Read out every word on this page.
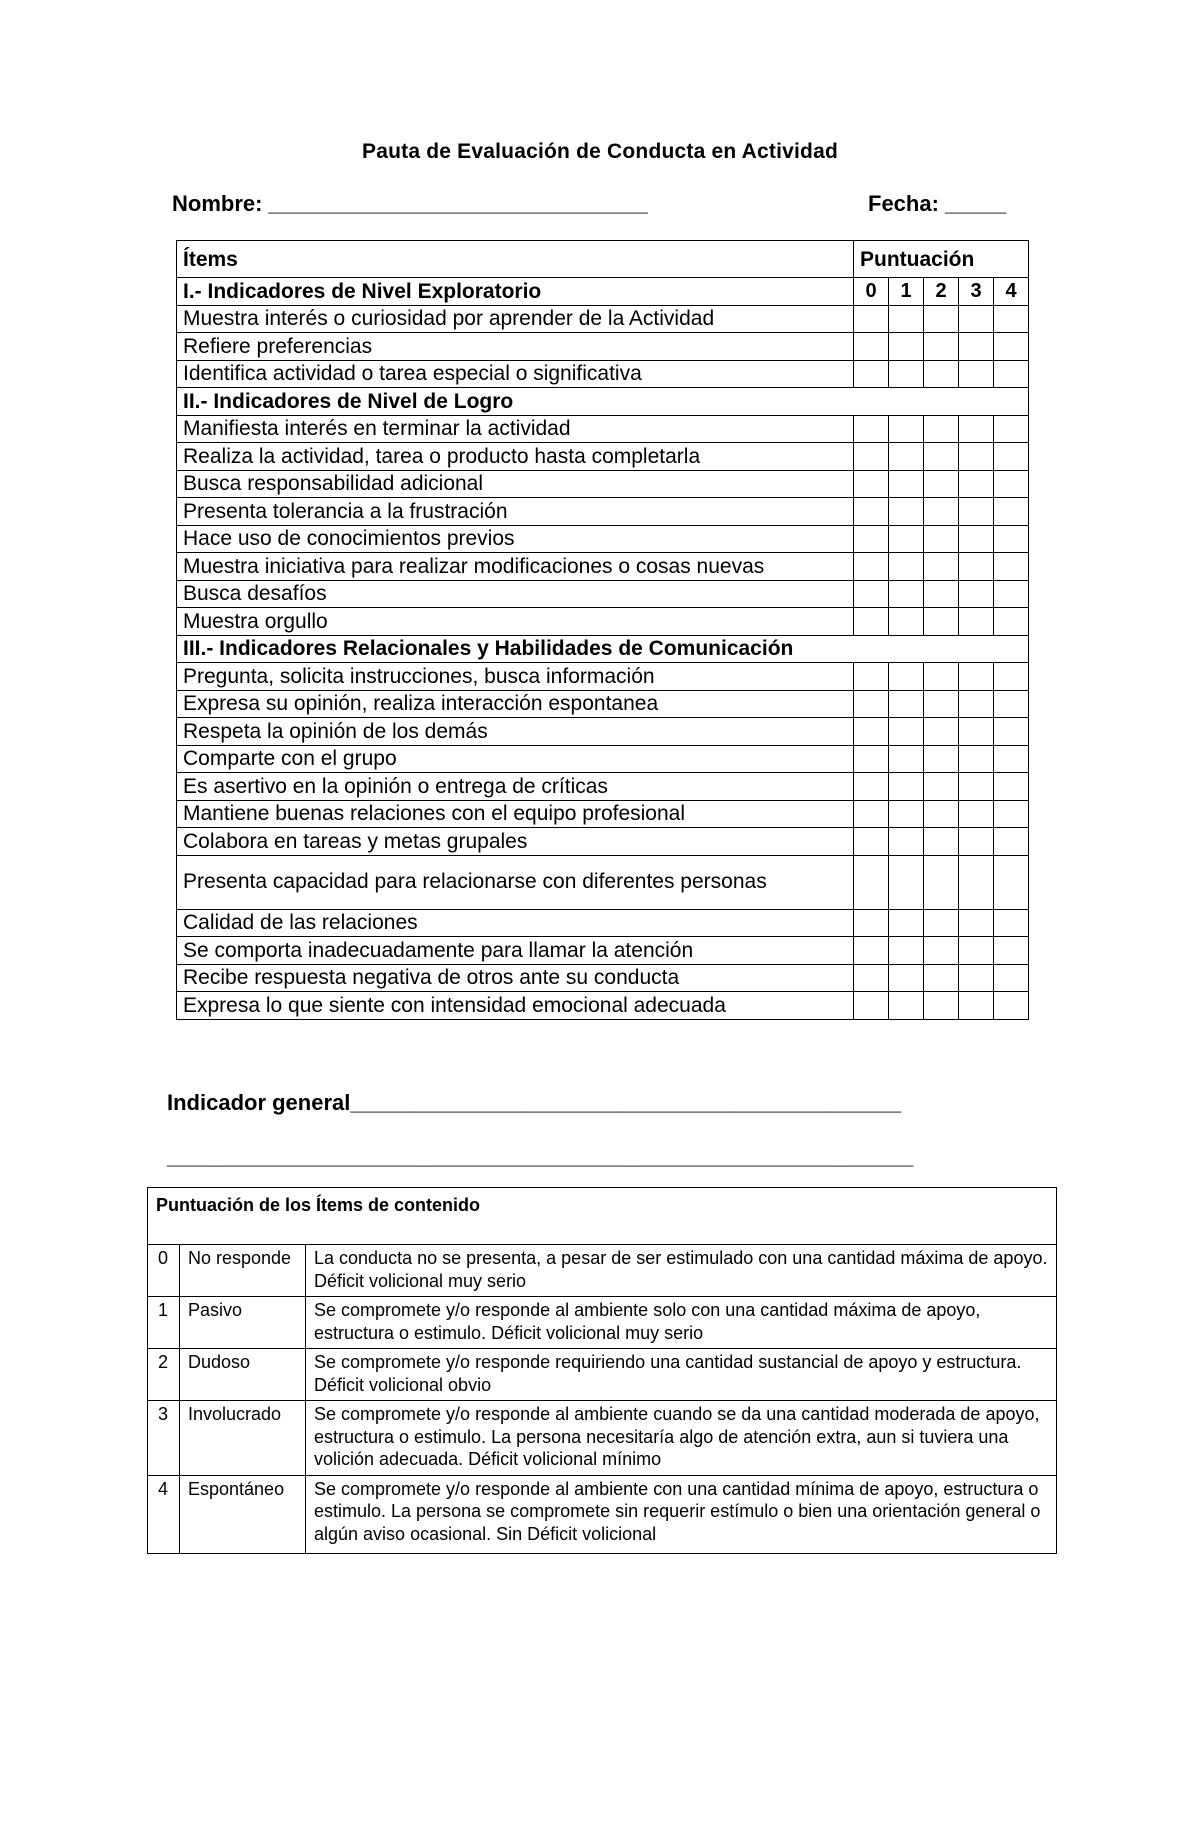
Pauta de Evaluación de Conducta en Actividad
Nombre: _______________________________	Fecha: _____
Ítems	Puntuación				
I.- Indicadores de Nivel Exploratorio	0	1	2	3	4
Muestra interés o curiosidad por aprender de la Actividad					
Refiere preferencias					
Identifica actividad o tarea especial o significativa					
II.- Indicadores de Nivel de Logro					
Manifiesta interés en terminar la actividad					
Realiza la actividad, tarea o producto hasta completarla					
Busca responsabilidad adicional					
Presenta tolerancia a la frustración					
Hace uso de conocimientos previos					
Muestra iniciativa para realizar modificaciones o cosas nuevas					
Busca desafíos					
Muestra orgullo					
III.- Indicadores Relacionales y Habilidades de Comunicación					
Pregunta, solicita instrucciones, busca información					
Expresa su opinión, realiza interacción espontanea					
Respeta la opinión de los demás					
Comparte con el grupo					
Es asertivo en la opinión o entrega de críticas					
Mantiene buenas relaciones con el equipo profesional					
Colabora en tareas y metas grupales					
Presenta capacidad para relacionarse con diferentes personas					
Calidad de las relaciones					
Se comporta inadecuadamente para llamar la atención					
Recibe respuesta negativa de otros ante su conducta					
Expresa lo que siente con intensidad emocional adecuada					
Indicador general_____________________________________________
_____________________________________________________________
Puntuación de los Ítems de contenido		
0	No responde	La conducta no se presenta, a pesar de ser estimulado con una cantidad máxima de apoyo. Déficit volicional muy serio
1	Pasivo	Se compromete y/o responde al ambiente solo con una cantidad máxima de apoyo, estructura o estimulo. Déficit volicional muy serio
2	Dudoso	Se compromete y/o responde requiriendo una cantidad sustancial de apoyo y estructura. Déficit volicional obvio
3	Involucrado	Se compromete y/o responde al ambiente cuando se da una cantidad moderada de apoyo, estructura o estimulo. La persona necesitaría algo de atención extra, aun si tuviera una volición adecuada. Déficit volicional mínimo
4	Espontáneo	Se compromete y/o responde al ambiente con una cantidad mínima de apoyo, estructura o estimulo. La persona se compromete sin requerir estímulo o bien una orientación general o algún aviso ocasional. Sin Déficit volicional
